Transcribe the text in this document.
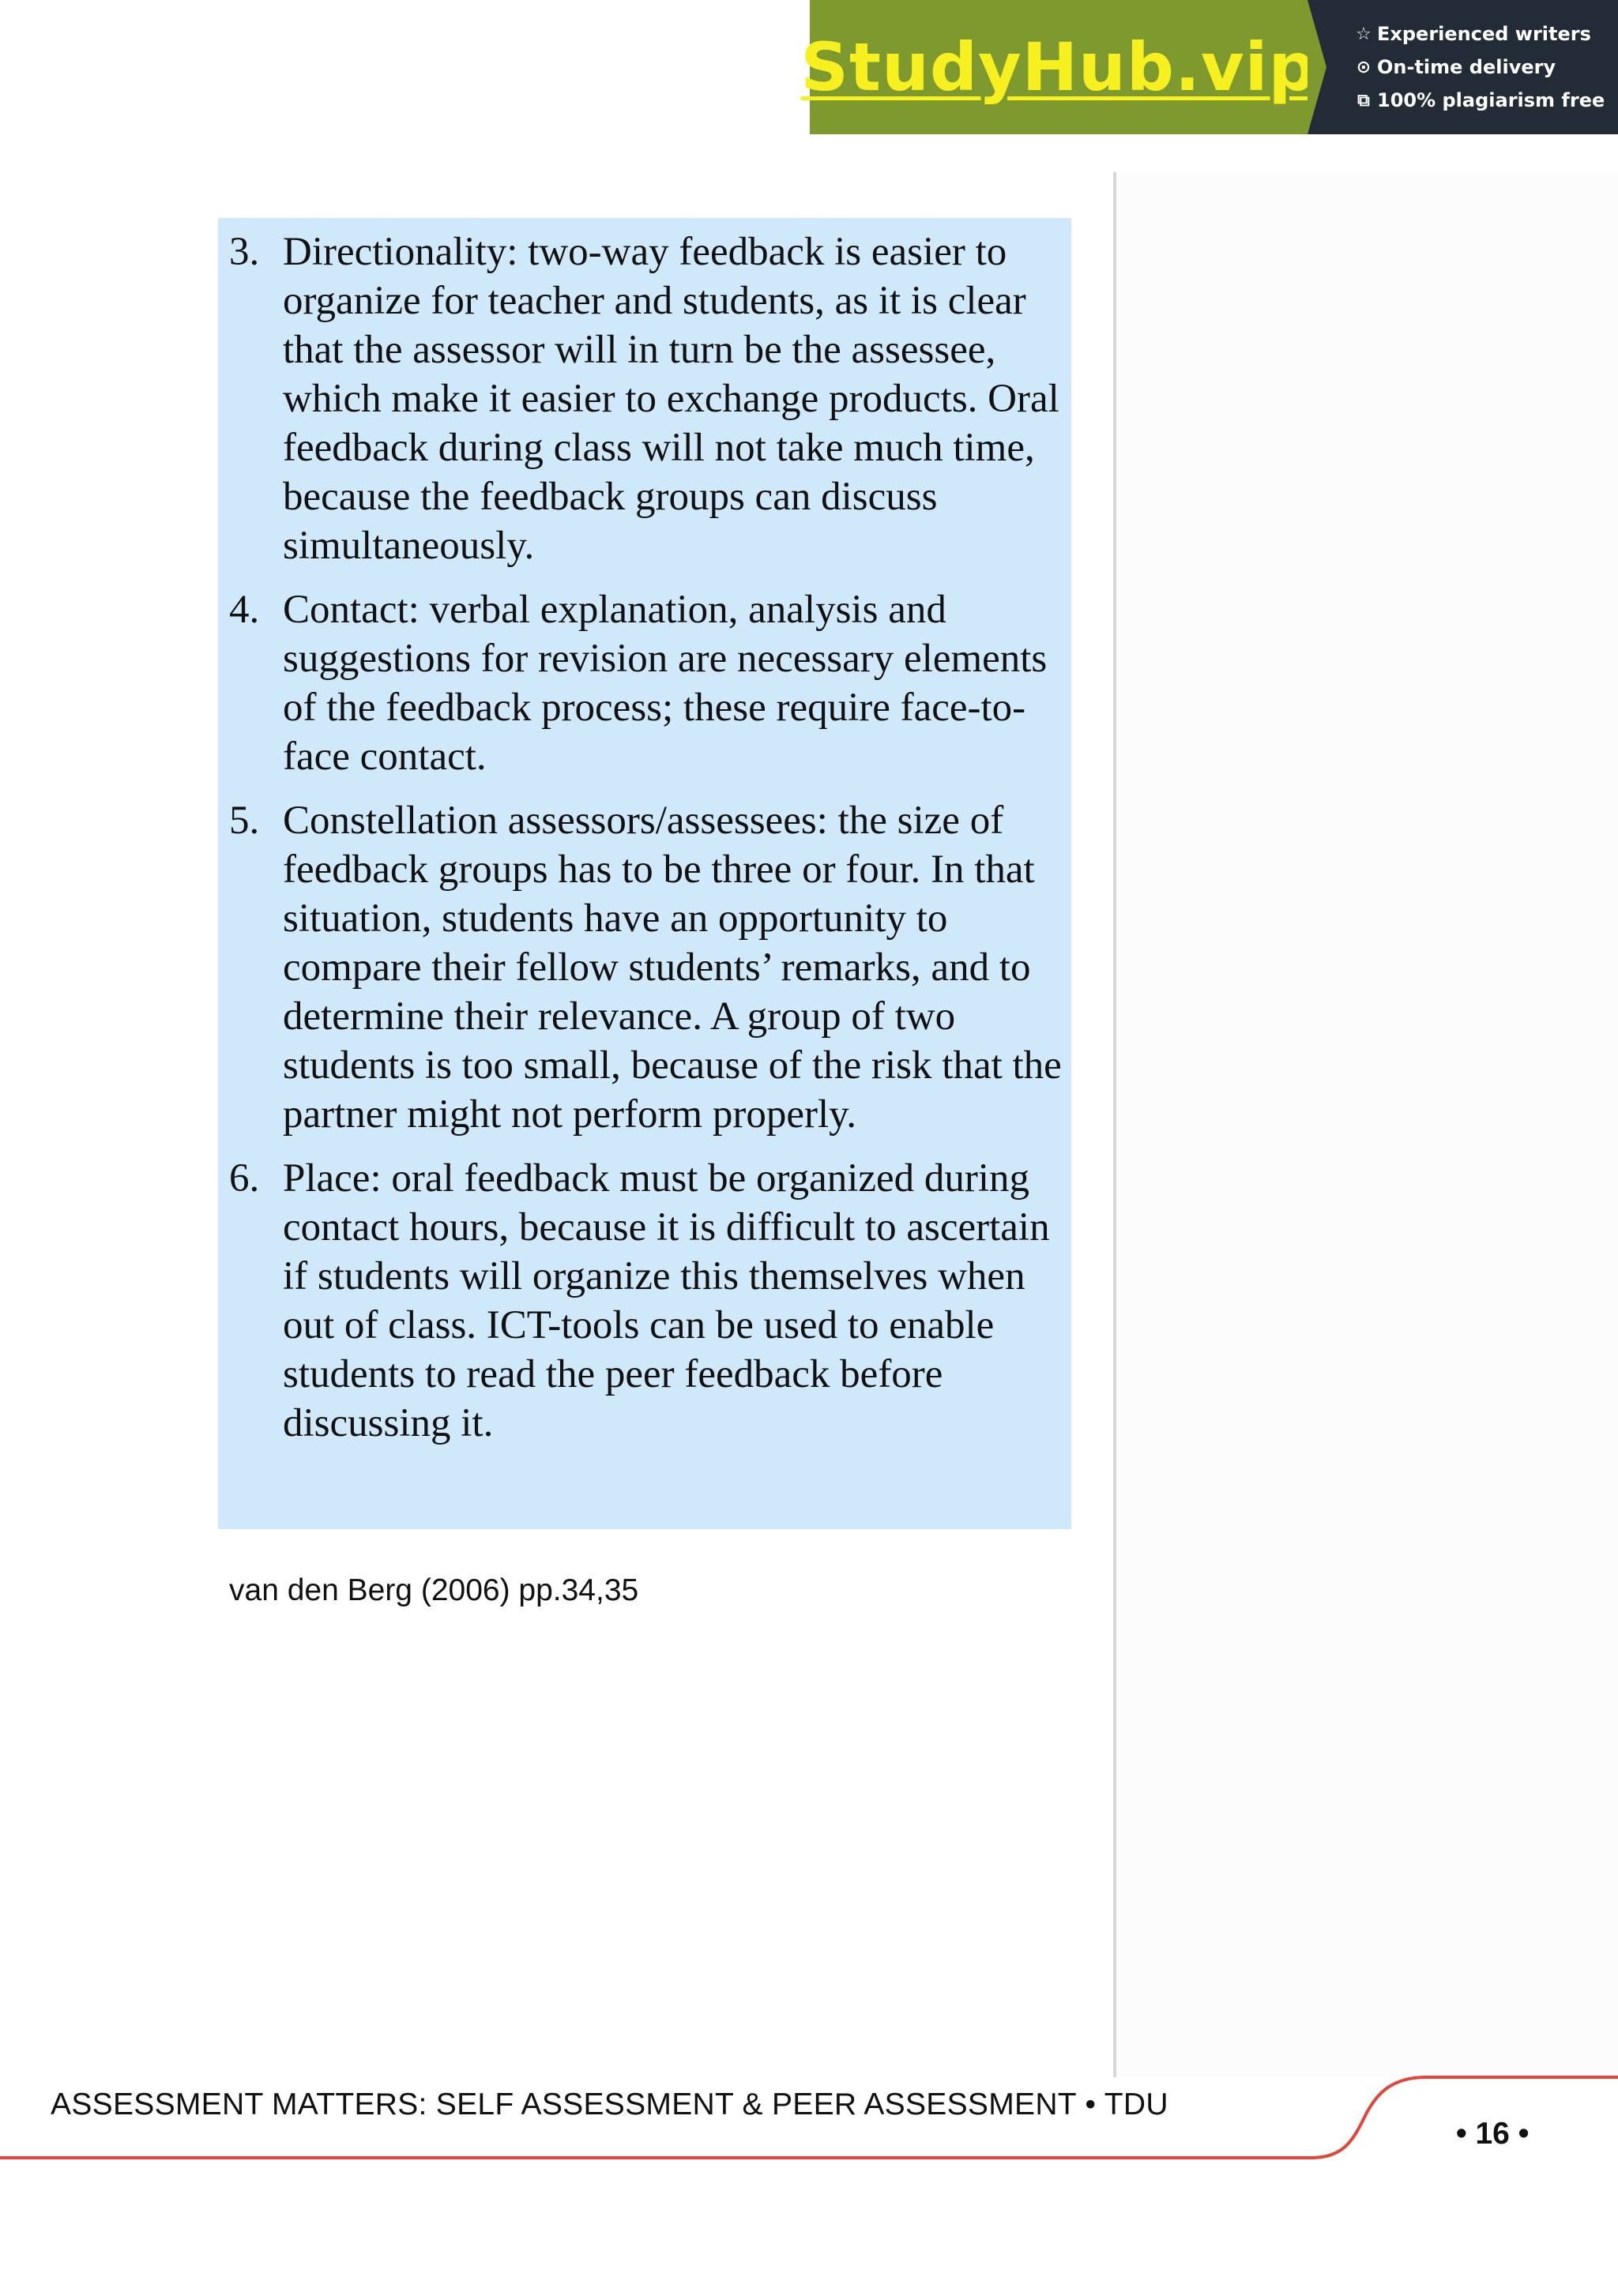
StudyHub.vip ☆ Experienced writers
⊙ On-time delivery
⧉ 100% plagiarism free
3. Directionality: two-way feedback is easier to organize for teacher and students, as it is clear that the assessor will in turn be the assessee, which make it easier to exchange products. Oral feedback during class will not take much time, because the feedback groups can discuss simultaneously.
4. Contact: verbal explanation, analysis and suggestions for revision are necessary elements of the feedback process; these require face-to-face contact.
5. Constellation assessors/assessees: the size of feedback groups has to be three or four. In that situation, students have an opportunity to compare their fellow students’ remarks, and to determine their relevance. A group of two students is too small, because of the risk that the partner might not perform properly.
6. Place: oral feedback must be organized during contact hours, because it is difficult to ascertain if students will organize this themselves when out of class. ICT-tools can be used to enable students to read the peer feedback before discussing it.
van den Berg (2006) pp.34,35
ASSESSMENT MATTERS: SELF ASSESSMENT & PEER ASSESSMENT • TDU
• 16 •
